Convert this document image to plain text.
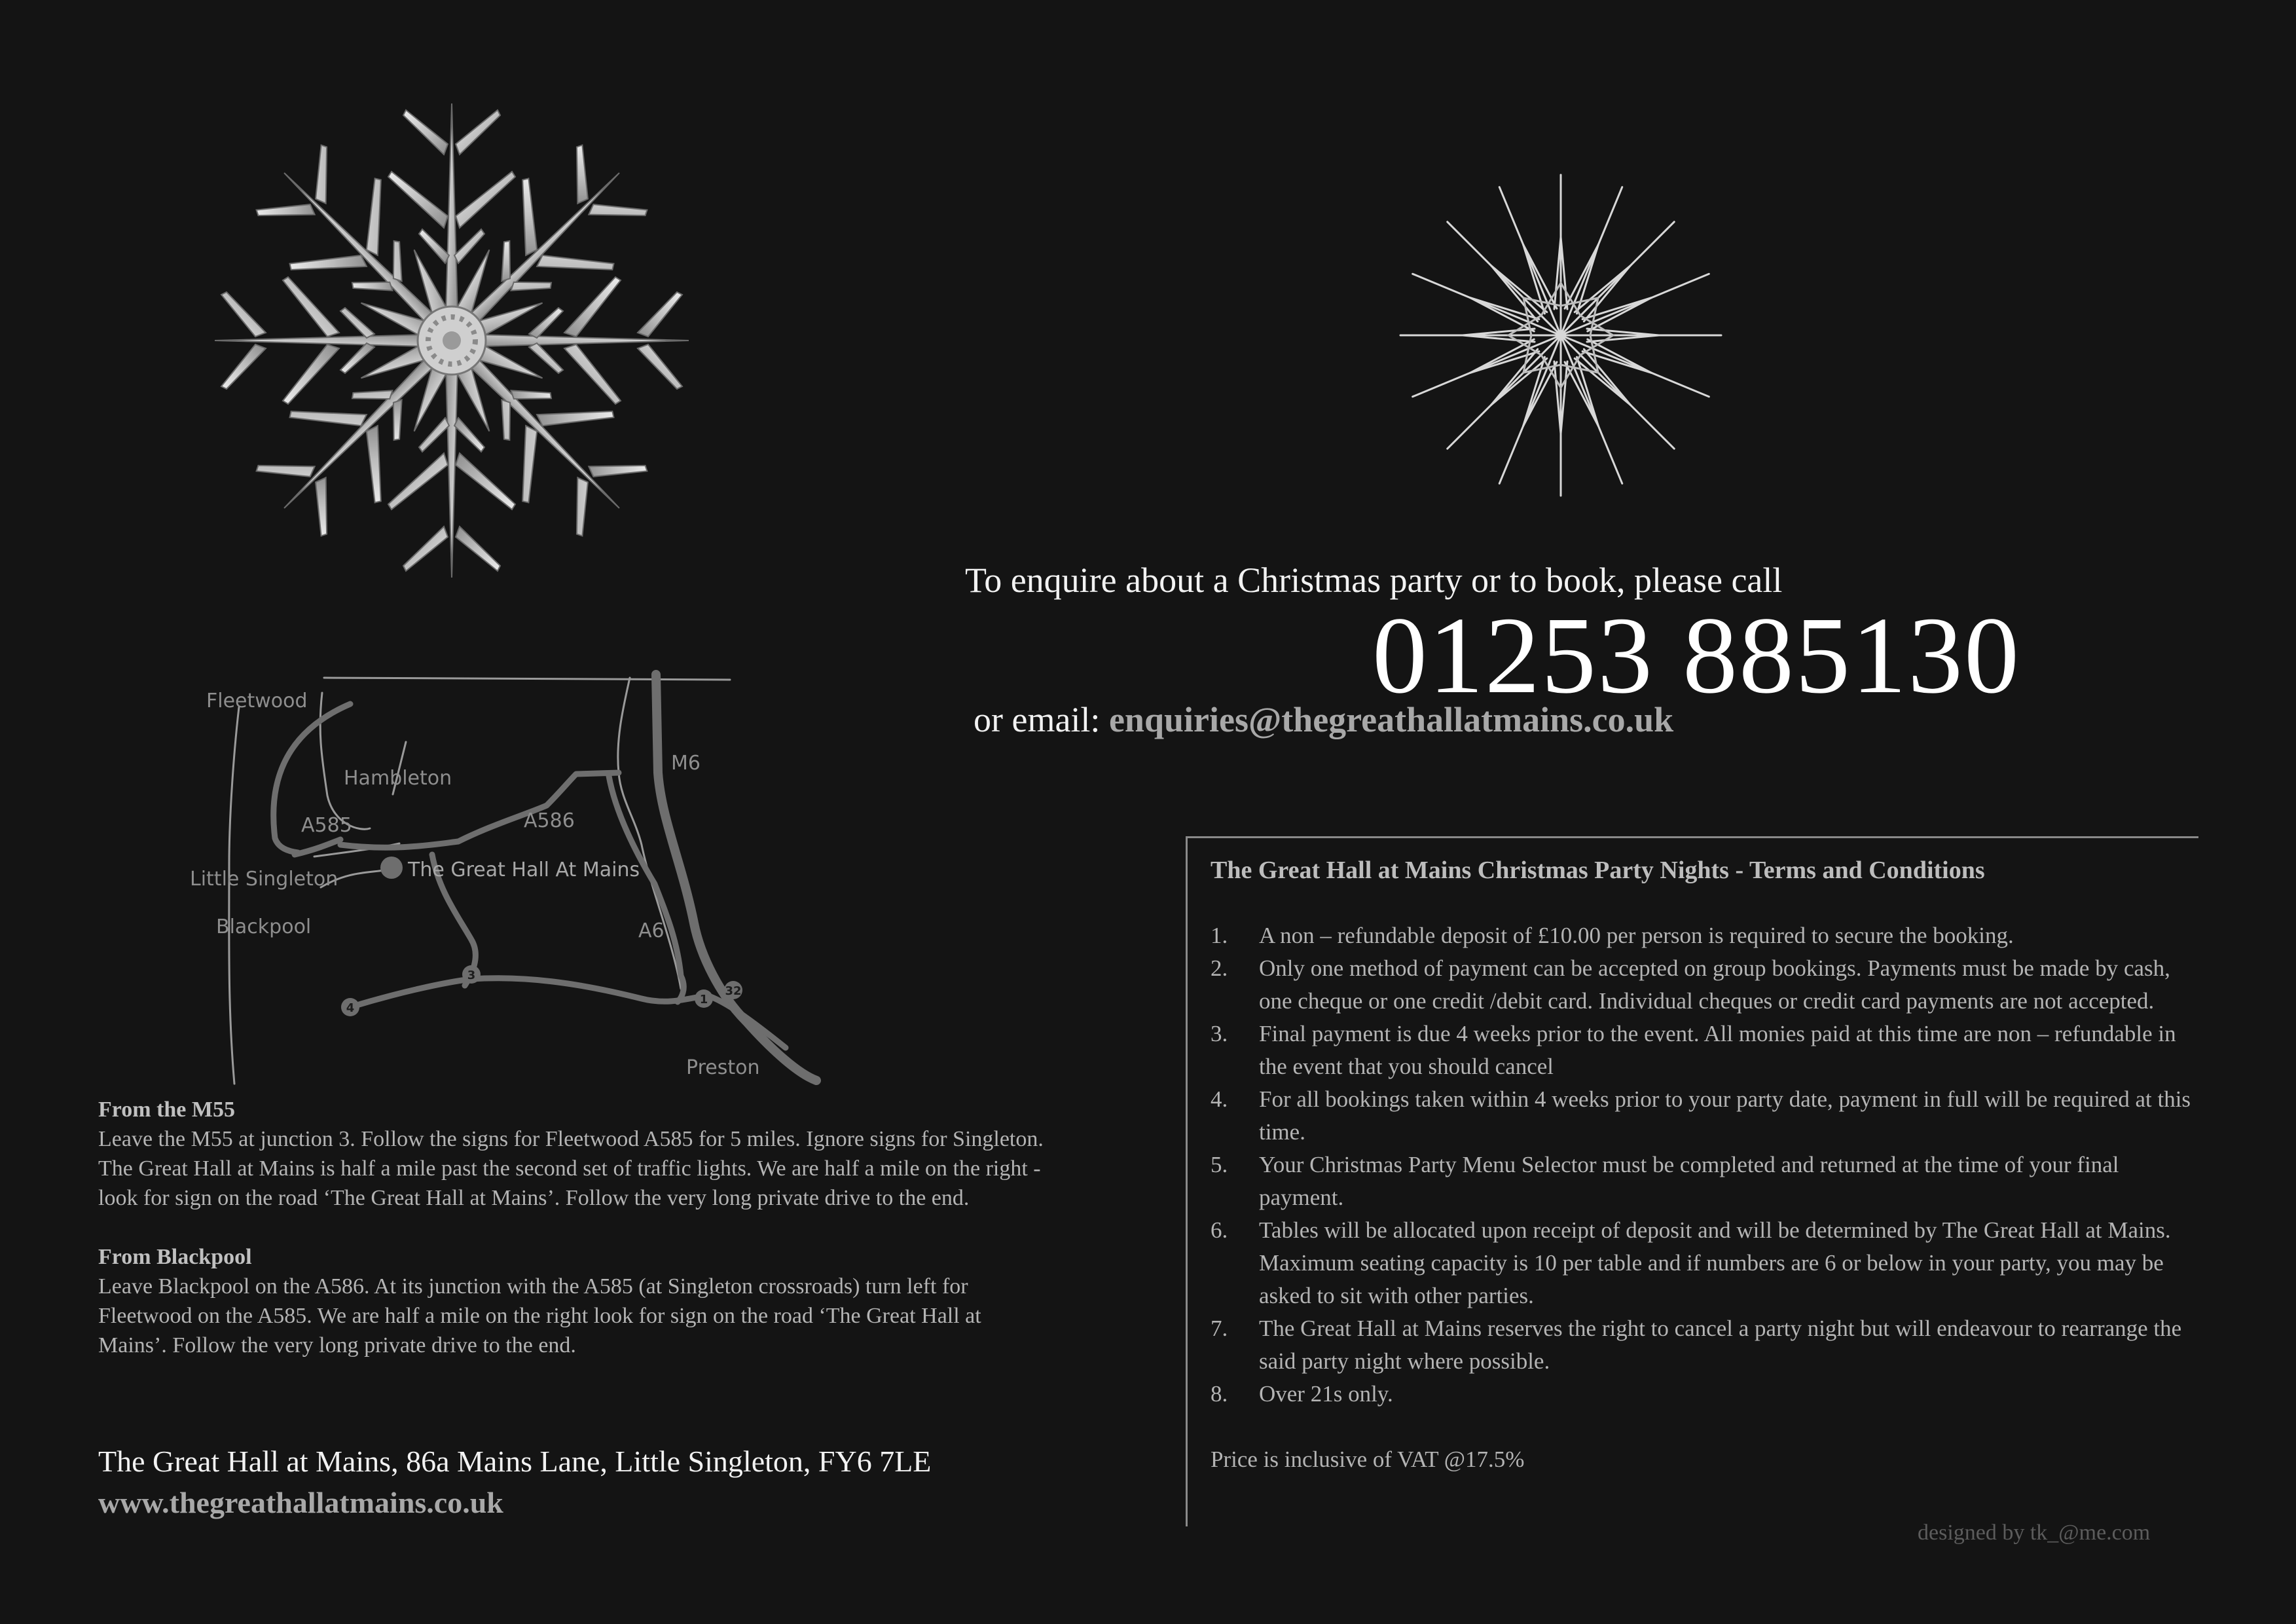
To enquire about a Christmas party or to book, please call
01253 885130
or email: enquiries@thegreathallatmains.co.uk
Fleetwood
Hambleton
A585	A586
Little Singleton	The Great Hall At Mains
Blackpool	A6
M6
Preston
4
3
1
32
From the M55
Leave the M55 at junction 3. Follow the signs for Fleetwood A585 for 5 miles. Ignore signs for Singleton. The Great Hall at Mains is half a mile past the second set of traffic lights. We are half a mile on the right - look for sign on the road ‘The Great Hall at Mains’. Follow the very long private drive to the end.
From Blackpool
Leave Blackpool on the A586. At its junction with the A585 (at Singleton crossroads) turn left for Fleetwood on the A585. We are half a mile on the right look for sign on the road ‘The Great Hall at Mains’. Follow the very long private drive to the end.
The Great Hall at Mains, 86a Mains Lane, Little Singleton, FY6 7LE
www.thegreathallatmains.co.uk
The Great Hall at Mains Christmas Party Nights - Terms and Conditions
1. A non – refundable deposit of £10.00 per person is required to secure the booking.
2. Only one method of payment can be accepted on group bookings. Payments must be made by cash, one cheque or one credit /debit card. Individual cheques or credit card payments are not accepted.
3. Final payment is due 4 weeks prior to the event. All monies paid at this time are non – refundable in the event that you should cancel
4. For all bookings taken within 4 weeks prior to your party date, payment in full will be required at this time.
5. Your Christmas Party Menu Selector must be completed and returned at the time of your final payment.
6. Tables will be allocated upon receipt of deposit and will be determined by The Great Hall at Mains. Maximum seating capacity is 10 per table and if numbers are 6 or below in your party, you may be asked to sit with other parties.
7. The Great Hall at Mains reserves the right to cancel a party night but will endeavour to rearrange the said party night where possible.
8. Over 21s only.
Price is inclusive of VAT @17.5%
designed by tk_@me.com
